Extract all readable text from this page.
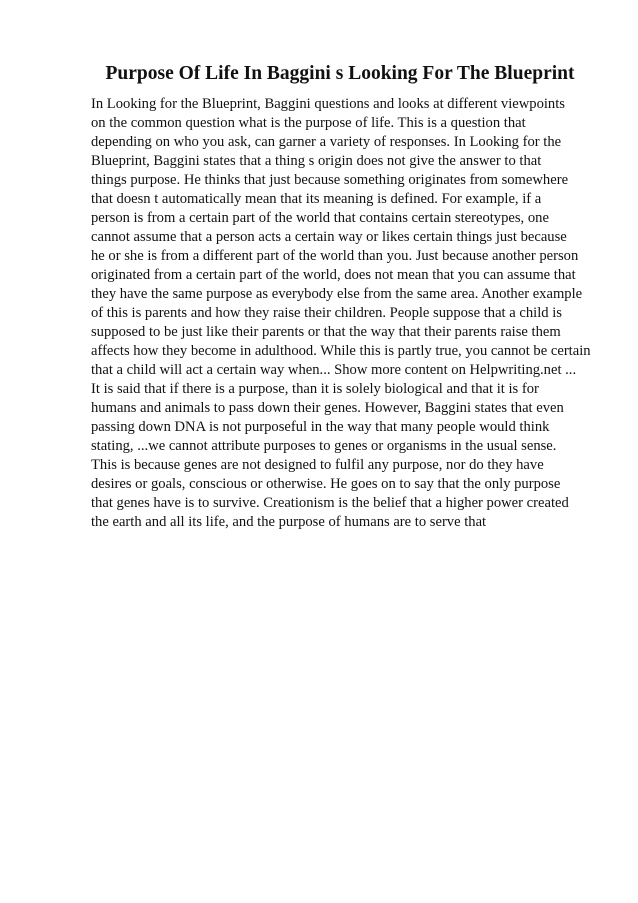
Purpose Of Life In Baggini s Looking For The Blueprint
In Looking for the Blueprint, Baggini questions and looks at different viewpoints
on the common question what is the purpose of life. This is a question that
depending on who you ask, can garner a variety of responses. In Looking for the
Blueprint, Baggini states that a thing s origin does not give the answer to that
things purpose. He thinks that just because something originates from somewhere
that doesn t automatically mean that its meaning is defined. For example, if a
person is from a certain part of the world that contains certain stereotypes, one
cannot assume that a person acts a certain way or likes certain things just because
he or she is from a different part of the world than you. Just because another person
originated from a certain part of the world, does not mean that you can assume that
they have the same purpose as everybody else from the same area. Another example
of this is parents and how they raise their children. People suppose that a child is
supposed to be just like their parents or that the way that their parents raise them
affects how they become in adulthood. While this is partly true, you cannot be certain
that a child will act a certain way when... Show more content on Helpwriting.net ...
It is said that if there is a purpose, than it is solely biological and that it is for
humans and animals to pass down their genes. However, Baggini states that even
passing down DNA is not purposeful in the way that many people would think
stating, ...we cannot attribute purposes to genes or organisms in the usual sense.
This is because genes are not designed to fulfil any purpose, nor do they have
desires or goals, conscious or otherwise. He goes on to say that the only purpose
that genes have is to survive. Creationism is the belief that a higher power created
the earth and all its life, and the purpose of humans are to serve that
